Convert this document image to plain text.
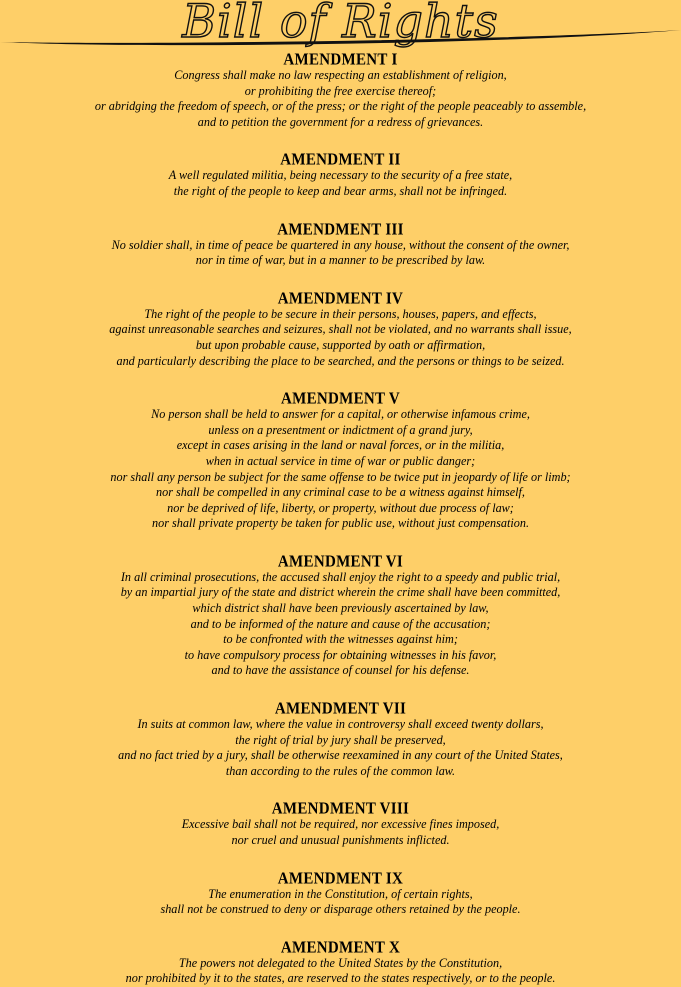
Bill of Rights
AMENDMENT I
Congress shall make no law respecting an establishment of religion,
or prohibiting the free exercise thereof;
or abridging the freedom of speech, or of the press; or the right of the people peaceably to assemble,
and to petition the government for a redress of grievances.
AMENDMENT II
A well regulated militia, being necessary to the security of a free state,
the right of the people to keep and bear arms, shall not be infringed.
AMENDMENT III
No soldier shall, in time of peace be quartered in any house, without the consent of the owner,
nor in time of war, but in a manner to be prescribed by law.
AMENDMENT IV
The right of the people to be secure in their persons, houses, papers, and effects,
against unreasonable searches and seizures, shall not be violated, and no warrants shall issue,
but upon probable cause, supported by oath or affirmation,
and particularly describing the place to be searched, and the persons or things to be seized.
AMENDMENT V
No person shall be held to answer for a capital, or otherwise infamous crime,
unless on a presentment or indictment of a grand jury,
except in cases arising in the land or naval forces, or in the militia,
when in actual service in time of war or public danger;
nor shall any person be subject for the same offense to be twice put in jeopardy of life or limb;
nor shall be compelled in any criminal case to be a witness against himself,
nor be deprived of life, liberty, or property, without due process of law;
nor shall private property be taken for public use, without just compensation.
AMENDMENT VI
In all criminal prosecutions, the accused shall enjoy the right to a speedy and public trial,
by an impartial jury of the state and district wherein the crime shall have been committed,
which district shall have been previously ascertained by law,
and to be informed of the nature and cause of the accusation;
to be confronted with the witnesses against him;
to have compulsory process for obtaining witnesses in his favor,
and to have the assistance of counsel for his defense.
AMENDMENT VII
In suits at common law, where the value in controversy shall exceed twenty dollars,
the right of trial by jury shall be preserved,
and no fact tried by a jury, shall be otherwise reexamined in any court of the United States,
than according to the rules of the common law.
AMENDMENT VIII
Excessive bail shall not be required, nor excessive fines imposed,
nor cruel and unusual punishments inflicted.
AMENDMENT IX
The enumeration in the Constitution, of certain rights,
shall not be construed to deny or disparage others retained by the people.
AMENDMENT X
The powers not delegated to the United States by the Constitution,
nor prohibited by it to the states, are reserved to the states respectively, or to the people.
